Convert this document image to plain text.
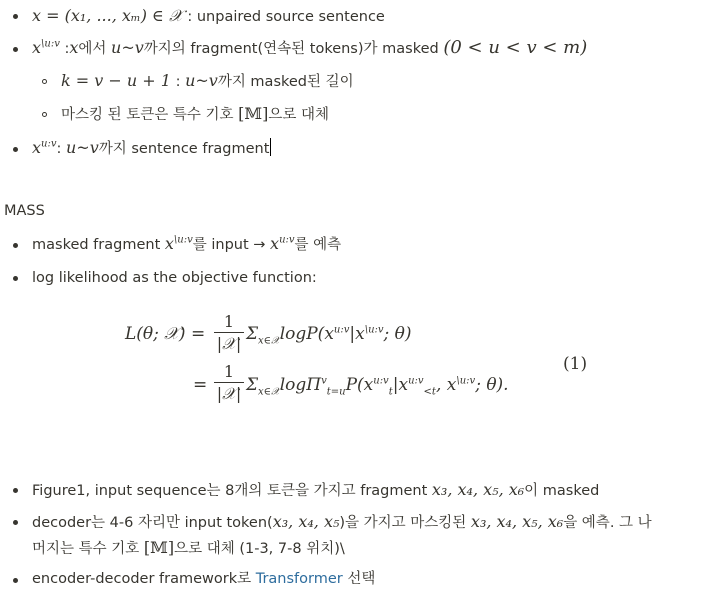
x = (x₁, ..., xₘ) ∈ 𝒳 : unpaired source sentence
$x^{\backslash u:v}$ :x에서 u~v까지의 fragment(연속된 tokens)가 masked (0 < u < v < m)
k = v − u + 1 : u~v까지 masked된 길이
마스킹 된 토큰은 특수 기호 [𝕄]으로 대체
$x^{u:v}$: u~v까지 sentence fragment
MASS
masked fragment $x^{\backslash u:v}$를 input → $x^{u:v}$를 예측
log likelihood as the objective function:
L(θ; 𝒳) =
1
|𝒳| $\Sigma_{x\in 𝒳}\log P(x^{u:v}|x^{\backslash u:v}$; θ)
=
1
|𝒳| $\Sigma_{x\in 𝒳}\log\Pi^v_{t=u}P(x^{u:v}_t|x^{u:v}_{<t}$, $x^{\backslash u:v}$; θ).
(1)
Figure1, input sequence는 8개의 토큰을 가지고 fragment x₃, x₄, x₅, x₆이 masked
decoder는 4-6 자리만 input token(x₃, x₄, x₅)을 가지고 마스킹된 x₃, x₄, x₅, x₆을 예측. 그 나
머지는 특수 기호 [𝕄]으로 대체 (1-3, 7-8 위치)\
encoder-decoder framework로 Transformer 선택
